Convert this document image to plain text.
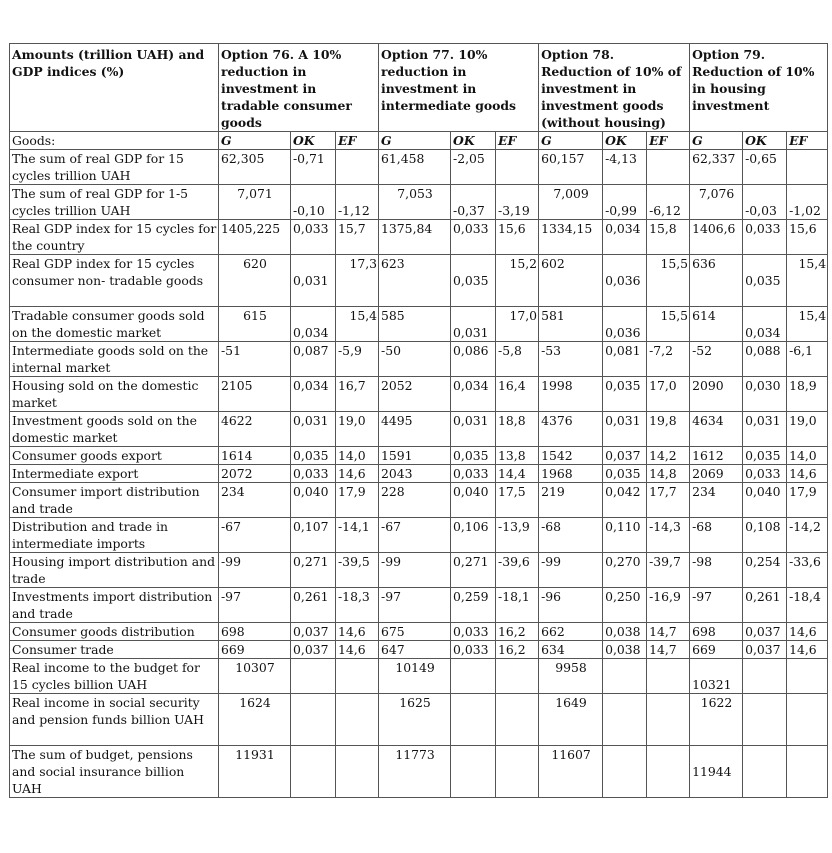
Amounts (trillion UAH) and GDP indices (%)	Option 76. A 10% reduction in investment in tradable consumer goods			Option 77. 10% reduction in investment in intermediate goods			Option 78. Reduction of 10% of investment in investment goods (without housing)			Option 79. Reduction of 10% in housing investment		
Goods:	G	OK	EF	G	OK	EF	G	OK	EF	G	OK	EF
The sum of real GDP for 15 cycles trillion UAH	62,305	-0,71		61,458	-2,05		60,157	-4,13		62,337	-0,65	
The sum of real GDP for 1-5 cycles trillion UAH	7,071	-0,10	-1,12	7,053	-0,37	-3,19	7,009	-0,99	-6,12	7,076	-0,03	-1,02
Real GDP index for 15 cycles for the country	1405,225	0,033	15,7	1375,84	0,033	15,6	1334,15	0,034	15,8	1406,6	0,033	15,6
Real GDP index for 15 cycles consumer non- tradable goods	620	0,031	17,3	623	0,035	15,2	602	0,036	15,5	636	0,035	15,4
Tradable consumer goods sold on the domestic market	615	0,034	15,4	585	0,031	17,0	581	0,036	15,5	614	0,034	15,4
Intermediate goods sold on the internal market	-51	0,087	-5,9	-50	0,086	-5,8	-53	0,081	-7,2	-52	0,088	-6,1
Housing sold on the domestic market	2105	0,034	16,7	2052	0,034	16,4	1998	0,035	17,0	2090	0,030	18,9
Investment goods sold on the domestic market	4622	0,031	19,0	4495	0,031	18,8	4376	0,031	19,8	4634	0,031	19,0
Consumer goods export	1614	0,035	14,0	1591	0,035	13,8	1542	0,037	14,2	1612	0,035	14,0
Intermediate export	2072	0,033	14,6	2043	0,033	14,4	1968	0,035	14,8	2069	0,033	14,6
Consumer import distribution and trade	234	0,040	17,9	228	0,040	17,5	219	0,042	17,7	234	0,040	17,9
Distribution and trade in intermediate imports	-67	0,107	-14,1	-67	0,106	-13,9	-68	0,110	-14,3	-68	0,108	-14,2
Housing import distribution and trade	-99	0,271	-39,5	-99	0,271	-39,6	-99	0,270	-39,7	-98	0,254	-33,6
Investments import distribution and trade	-97	0,261	-18,3	-97	0,259	-18,1	-96	0,250	-16,9	-97	0,261	-18,4
Consumer goods distribution	698	0,037	14,6	675	0,033	16,2	662	0,038	14,7	698	0,037	14,6
Consumer trade	669	0,037	14,6	647	0,033	16,2	634	0,038	14,7	669	0,037	14,6
Real income to the budget for 15 cycles billion UAH	10307			10149			9958			10321		
Real income in social security and pension funds billion UAH	1624			1625			1649			1622		
The sum of budget, pensions and social insurance billion UAH	11931			11773			11607			11944		
